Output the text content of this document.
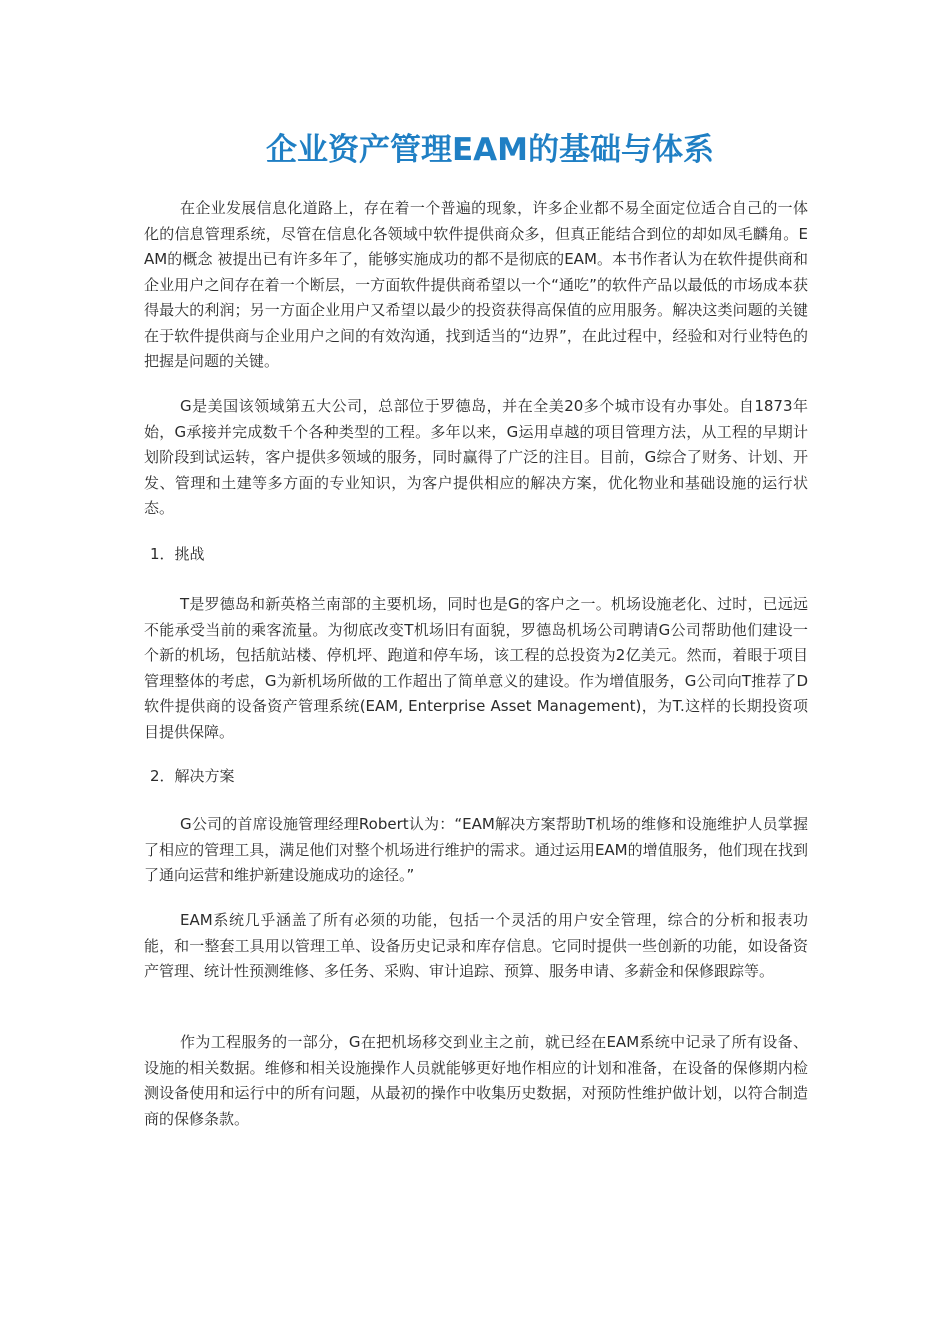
企业资产管理EAM的基础与体系

在企业发展信息化道路上，存在着一个普遍的现象，许多企业都不易全面定位适合自己的一体化的信息管理系统，尽管在信息化各领域中软件提供商众多，但真正能结合到位的却如凤毛麟角。EAM的概念 被提出已有许多年了，能够实施成功的都不是彻底的EAM。本书作者认为在软件提供商和企业用户之间存在着一个断层，一方面软件提供商希望以一个“通吃”的软件产品以最低的市场成本获得最大的利润；另一方面企业用户又希望以最少的投资获得高保值的应用服务。解决这类问题的关键在于软件提供商与企业用户之间的有效沟通，找到适当的“边界”，在此过程中，经验和对行业特色的把握是问题的关键。

G是美国该领域第五大公司，总部位于罗德岛，并在全美20多个城市设有办事处。自1873年始，G承接并完成数千个各种类型的工程。多年以来，G运用卓越的项目管理方法，从工程的早期计划阶段到试运转，客户提供多领域的服务，同时赢得了广泛的注目。目前，G综合了财务、计划、开发、管理和土建等多方面的专业知识，为客户提供相应的解决方案，优化物业和基础设施的运行状态。

1．挑战

T是罗德岛和新英格兰南部的主要机场，同时也是G的客户之一。机场设施老化、过时，已远远不能承受当前的乘客流量。为彻底改变T机场旧有面貌，罗德岛机场公司聘请G公司帮助他们建设一个新的机场，包括航站楼、停机坪、跑道和停车场，该工程的总投资为2亿美元。然而，着眼于项目管理整体的考虑，G为新机场所做的工作超出了简单意义的建设。作为增值服务，G公司向T推荐了D软件提供商的设备资产管理系统(EAM, Enterprise Asset Management)，为T.这样的长期投资项目提供保障。

2．解决方案

G公司的首席设施管理经理Robert认为：“EAM解决方案帮助T机场的维修和设施维护人员掌握了相应的管理工具，满足他们对整个机场进行维护的需求。通过运用EAM的增值服务，他们现在找到了通向运营和维护新建设施成功的途径。”

EAM系统几乎涵盖了所有必须的功能，包括一个灵活的用户安全管理，综合的分析和报表功能，和一整套工具用以管理工单、设备历史记录和库存信息。它同时提供一些创新的功能，如设备资产管理、统计性预测维修、多任务、采购、审计追踪、预算、服务申请、多薪金和保修跟踪等。

作为工程服务的一部分，G在把机场移交到业主之前，就已经在EAM系统中记录了所有设备、设施的相关数据。维修和相关设施操作人员就能够更好地作相应的计划和准备，在设备的保修期内检测设备使用和运行中的所有问题，从最初的操作中收集历史数据，对预防性维护做计划，以符合制造商的保修条款。
